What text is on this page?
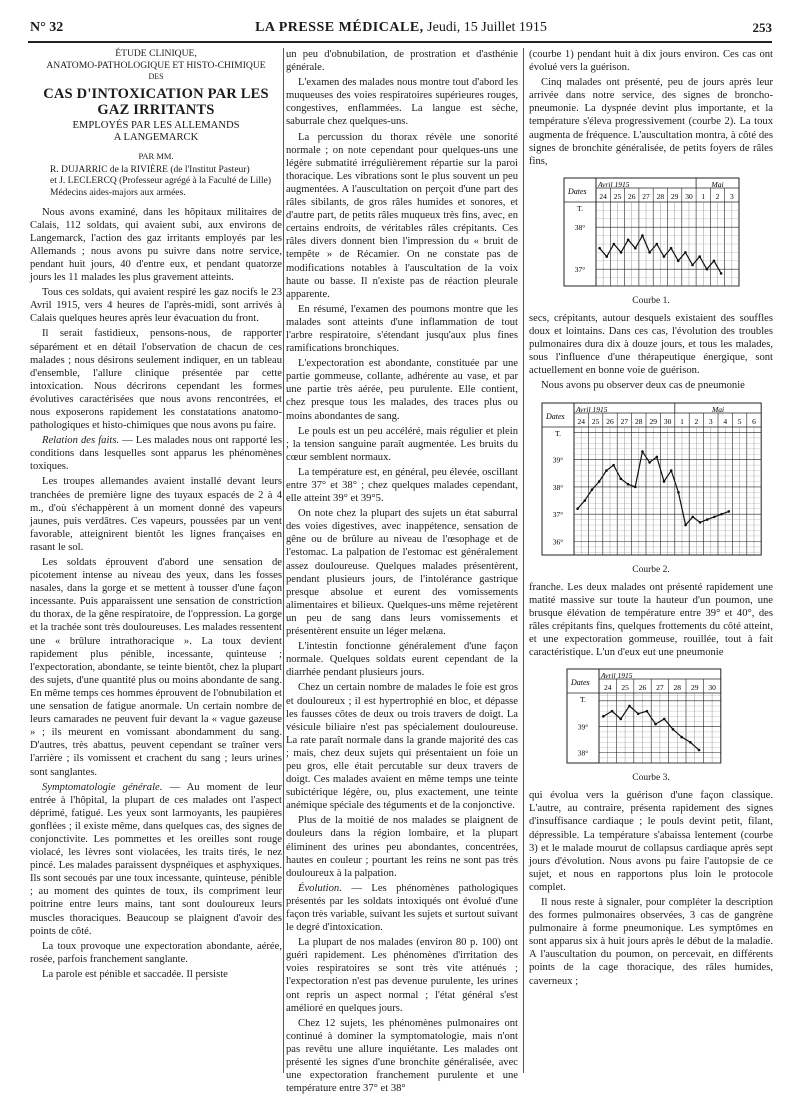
N° 32	LA PRESSE MÉDICALE, Jeudi, 15 Juillet 1915	253
ÉTUDE CLINIQUE,
ANATOMO-PATHOLOGIQUE ET HISTO-CHIMIQUE
DES
CAS D'INTOXICATION PAR LES GAZ IRRITANTS
EMPLOYÉS PAR LES ALLEMANDS
A LANGEMARCK
PAR MM.
R. DUJARRIC de la RIVIÈRE (de l'Institut Pasteur)
et J. LECLERCQ (Professeur agrégé à la Faculté de Lille)
Médecins aides-majors aux armées.

Nous avons examiné, dans les hôpitaux militaires de Calais, 112 soldats, qui avaient subi, aux environs de Langemarck, l'action des gaz irritants employés par les Allemands ; nous avons pu suivre dans notre service, pendant huit jours, 40 d'entre eux, et pendant quatorze jours les 11 malades les plus gravement atteints.

Tous ces soldats, qui avaient respiré les gaz nocifs le 23 Avril 1915, vers 4 heures de l'après-midi, sont arrivés à Calais quelques heures après leur évacuation du front.

Il serait fastidieux, pensons-nous, de rapporter séparément et en détail l'observation de chacun de ces malades ; nous désirons seulement indiquer, en un tableau d'ensemble, l'allure clinique présentée par cette intoxication. Nous décrirons cependant les formes évolutives caractérisées que nous avons rencontrées, et nous exposerons rapidement les constatations anatomo-pathologiques et histo-chimiques que nous avons pu faire.

Relation des faits. — Les malades nous ont rapporté les conditions dans lesquelles sont apparus les phénomènes toxiques.

Les troupes allemandes avaient installé devant leurs tranchées de première ligne des tuyaux espacés de 2 à 4 m., d'où s'échappèrent à un moment donné des vapeurs jaunes, puis verdâtres. Ces vapeurs, poussées par un vent favorable, atteignirent bientôt les lignes françaises en rasant le sol.

Les soldats éprouvent d'abord une sensation de picotement intense au niveau des yeux, dans les fosses nasales, dans la gorge et se mettent à tousser d'une façon incessante. Puis apparaissent une sensation de constriction du thorax, de la gêne respiratoire, de l'oppression. La gorge et la trachée sont très douloureuses. Les malades ressentent une « brûlure intrathoracique ». La toux devient rapidement plus pénible, incessante, quinteuse ; l'expectoration, abondante, se teinte bientôt, chez la plupart des sujets, d'une quantité plus ou moins abondante de sang. En même temps ces hommes éprouvent de l'obnubilation et une sensation de fatigue anormale. Un certain nombre de leurs camarades ne peuvent fuir devant la « vague gazeuse » ; ils meurent en vomissant abondamment du sang. D'autres, très abattus, peuvent cependant se traîner vers l'arrière ; ils vomissent et crachent du sang ; leurs urines sont sanglantes.

Symptomatologie générale. — Au moment de leur entrée à l'hôpital, la plupart de ces malades ont l'aspect déprimé, fatigué. Les yeux sont larmoyants, les paupières gonflées ; il existe même, dans quelques cas, des signes de conjonctivite. Les pommettes et les oreilles sont rouge violacé, les lèvres sont violacées, les traits tirés, le nez pincé. Les malades paraissent dyspnéiques et asphyxiques. Ils sont secoués par une toux incessante, quinteuse, pénible ; au moment des quintes de toux, ils compriment leur poitrine entre leurs mains, tant sont douloureux leurs muscles thoraciques. Beaucoup se plaignent d'avoir des points de côté.

La toux provoque une expectoration abondante, aérée, rosée, parfois franchement sanglante.

La parole est pénible et saccadée. Il persiste

un peu d'obnubilation, de prostration et d'asthénie générale.

L'examen des malades nous montre tout d'abord les muqueuses des voies respiratoires supérieures rouges, congestives, enflammées. La langue est sèche, saburrale chez quelques-uns.

La percussion du thorax révèle une sonorité normale ; on note cependant pour quelques-uns une légère submatité irrégulièrement répartie sur la paroi thoracique. Les vibrations sont le plus souvent un peu augmentées. A l'auscultation on perçoit d'une part des râles sibilants, de gros râles humides et sonores, et d'autre part, de petits râles muqueux très fins, avec, en certains endroits, de véritables râles crépitants. Ces râles divers donnent bien l'impression du « bruit de tempête » de Récamier. On ne constate pas de modifications notables à l'auscultation de la voix haute ou basse. Il n'existe pas de réaction pleurale apparente.

En résumé, l'examen des poumons montre que les malades sont atteints d'une inflammation de tout l'arbre respiratoire, s'étendant jusqu'aux plus fines ramifications bronchiques.

L'expectoration est abondante, constituée par une partie gommeuse, collante, adhérente au vase, et par une partie très aérée, peu purulente. Elle contient, chez presque tous les malades, des traces plus ou moins abondantes de sang.

Le pouls est un peu accéléré, mais régulier et plein ; la tension sanguine paraît augmentée. Les bruits du cœur semblent normaux.

La température est, en général, peu élevée, oscillant entre 37° et 38° ; chez quelques malades cependant, elle atteint 39° et 39°5.

On note chez la plupart des sujets un état saburral des voies digestives, avec inappétence, sensation de gêne ou de brûlure au niveau de l'œsophage et de l'estomac. La palpation de l'estomac est généralement assez douloureuse. Quelques malades présentèrent, pendant plusieurs jours, de l'intolérance gastrique presque absolue et eurent des vomissements alimentaires et bilieux. Quelques-uns même rejetèrent un peu de sang dans leurs vomissements et présentèrent ensuite un léger melæna.

L'intestin fonctionne généralement d'une façon normale. Quelques soldats eurent cependant de la diarrhée pendant plusieurs jours.

Chez un certain nombre de malades le foie est gros et douloureux ; il est hypertrophié en bloc, et dépasse les fausses côtes de deux ou trois travers de doigt. La vésicule biliaire n'est pas spécialement douloureuse. La rate paraît normale dans la grande majorité des cas ; mais, chez deux sujets qui présentaient un foie un peu gros, elle était percutable sur deux travers de doigt. Ces malades avaient en même temps une teinte subictérique légère, ou, plus exactement, une teinte anémique spéciale des téguments et de la conjonctive.

Plus de la moitié de nos malades se plaignent de douleurs dans la région lombaire, et la plupart éliminent des urines peu abondantes, concentrées, hautes en couleur ; pourtant les reins ne sont pas très douloureux à la palpation.

Évolution. — Les phénomènes pathologiques présentés par les soldats intoxiqués ont évolué d'une façon très variable, suivant les sujets et surtout suivant le degré d'intoxication.

La plupart de nos malades (environ 80 p. 100) ont guéri rapidement. Les phénomènes d'irritation des voies respiratoires se sont très vite atténués ; l'expectoration n'est pas devenue purulente, les urines ont repris un aspect normal ; l'état général s'est amélioré en quelques jours.

Chez 12 sujets, les phénomènes pulmonaires ont continué à dominer la symptomatologie, mais n'ont pas revêtu une allure inquiétante. Les malades ont présenté les signes d'une bronchite généralisée, avec une expectoration franchement purulente et une température entre 37° et 38°

(courbe 1) pendant huit à dix jours environ. Ces cas ont évolué vers la guérison.

Cinq malades ont présenté, peu de jours après leur arrivée dans notre service, des signes de broncho-pneumonie. La dyspnée devint plus importante, et la température s'éleva progressivement (courbe 2). La toux augmenta de fréquence. L'auscultation montra, à côté des signes de bronchite généralisée, de petits foyers de râles fins,

Dates
Avril 1915	Mai
24 25 26 27 28 29 30 1 2 3
T.
38°
37°
Courbe 1.

secs, crépitants, autour desquels existaient des souffles doux et lointains. Dans ces cas, l'évolution des troubles pulmonaires dura dix à douze jours, et tous les malades, sous l'influence d'une thérapeutique énergique, sont actuellement en bonne voie de guérison.

Nous avons pu observer deux cas de pneumonie

Dates
Avril 1915	Mai
24 25 26 27 28 29 30 1 2 3 4 5 6
T.
39°
38°
37°
36°
Courbe 2.

franche. Les deux malades ont présenté rapidement une matité massive sur toute la hauteur d'un poumon, une brusque élévation de température entre 39° et 40°, des râles crépitants fins, quelques frottements du côté atteint, et une expectoration gommeuse, rouillée, tout à fait caractéristique. L'un d'eux eut une pneumonie

Dates
Avril 1915
24 25 26 27 28 29 30
T.
39°
38°
Courbe 3.

qui évolua vers la guérison d'une façon classique. L'autre, au contraire, présenta rapidement des signes d'insuffisance cardiaque ; le pouls devint petit, filant, dépressible. La température s'abaissa lentement (courbe 3) et le malade mourut de collapsus cardiaque après sept jours d'évolution. Nous avons pu faire l'autopsie de ce sujet, et nous en rapportons plus loin le protocole complet.

Il nous reste à signaler, pour compléter la description des formes pulmonaires observées, 3 cas de gangrène pulmonaire à forme pneumonique. Les symptômes en sont apparus six à huit jours après le début de la maladie. A l'auscultation du poumon, on percevait, en différents points de la cage thoracique, des râles humides, caverneux ;
